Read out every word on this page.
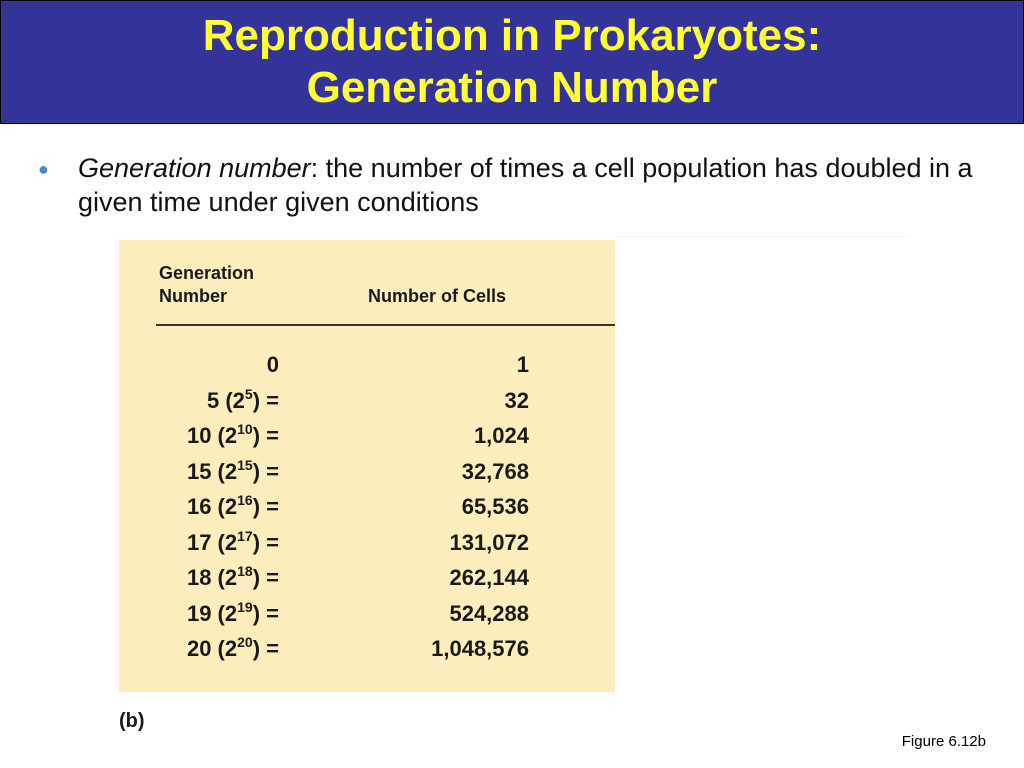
Reproduction in Prokaryotes:
Generation Number
●	Generation number: the number of times a cell population has doubled in a given time under given conditions
Generation
Number	Number of Cells
0	1
5 $(2^5)$ =	32
10 $(2^{10})$ =	1,024
15 $(2^{15})$ =	32,768
16 $(2^{16})$ =	65,536
17 $(2^{17})$ =	131,072
18 $(2^{18})$ =	262,144
19 $(2^{19})$ =	524,288
20 $(2^{20})$ =	1,048,576
(b)
Figure 6.12b
